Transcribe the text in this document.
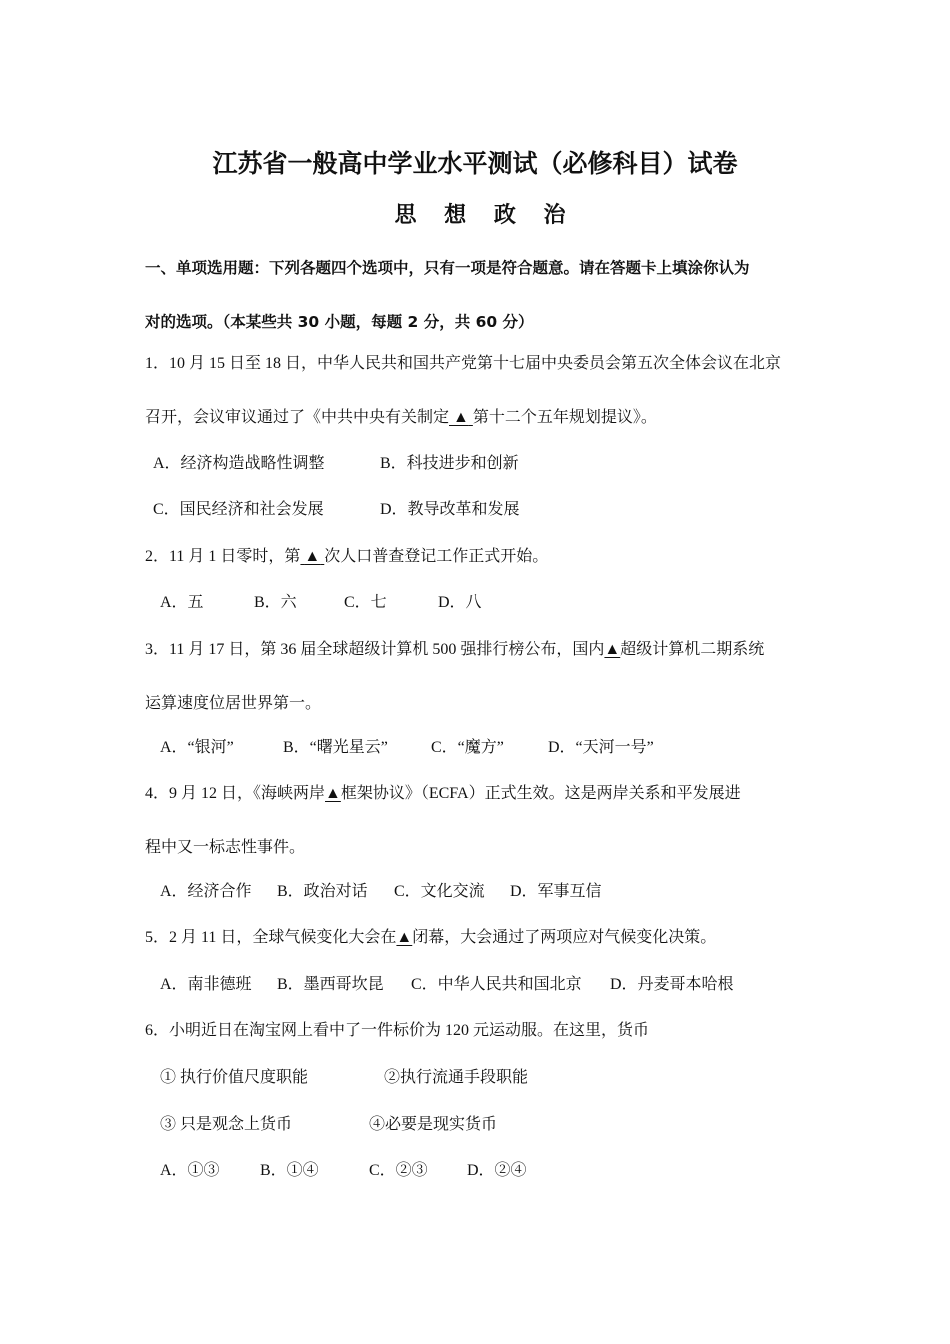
江苏省一般高中学业水平测试（必修科目）试卷
思 想 政 治
一、单项选用题：下列各题四个选项中，只有一项是符合题意。请在答题卡上填涂你认为
对的选项。（本某些共 30 小题，每题 2 分，共 60 分）
1．10 月 15 日至 18 日，中华人民共和国共产党第十七届中央委员会第五次全体会议在北京
召开，会议审议通过了《中共中央有关制定 ▲ 第十二个五年规划提议》。
A．经济构造战略性调整	B．科技进步和创新
C．国民经济和社会发展	D．教导改革和发展
2．11 月 1 日零时，第 ▲ 次人口普查登记工作正式开始。
A．五	B．六	C．七	D．八
3．11 月 17 日，第 36 届全球超级计算机 500 强排行榜公布，国内▲超级计算机二期系统
运算速度位居世界第一。
A．“银河”	B．“曙光星云”	C．“魔方”	D．“天河一号”
4．9 月 12 日，《海峡两岸▲框架协议》（ECFA）正式生效。这是两岸关系和平发展进
程中又一标志性事件。
A．经济合作 B．政治对话 C．文化交流 D．军事互信
5．2 月 11 日，全球气候变化大会在▲闭幕，大会通过了两项应对气候变化决策。
A．南非德班 B．墨西哥坎昆 C．中华人民共和国北京 D．丹麦哥本哈根
6．小明近日在淘宝网上看中了一件标价为 120 元运动服。在这里，货币
① 执行价值尺度职能	②执行流通手段职能
③ 只是观念上货币	④必要是现实货币
A．①③	B．①④	C．②③ D．②④
